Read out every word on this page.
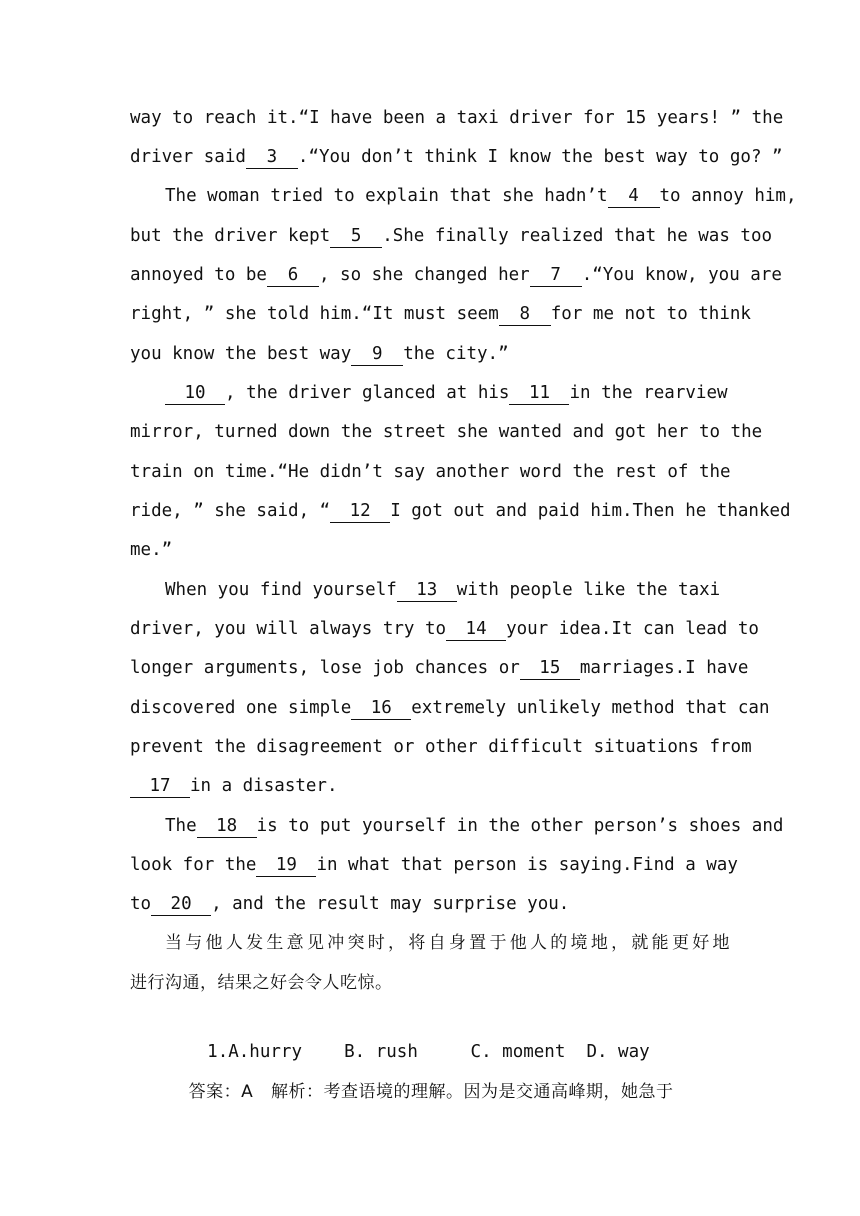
way to reach it.“I have been a taxi driver for 15 years! ” the
driver said 3 .“You don’t think I know the best way to go? ”
The woman tried to explain that she hadn’t 4 to annoy him,
but the driver kept 5 .She finally realized that he was too
annoyed to be 6 , so she changed her 7 .“You know, you are
right, ” she told him.“It must seem 8 for me not to think
you know the best way 9 the city.”
10 , the driver glanced at his 11 in the rearview
mirror, turned down the street she wanted and got her to the
train on time.“He didn’t say another word the rest of the
ride, ” she said, “ 12 I got out and paid him.Then he thanked
me.”
When you find yourself 13 with people like the taxi
driver, you will always try to 14 your idea.It can lead to
longer arguments, lose job chances or 15 marriages.I have
discovered one simple 16 extremely unlikely method that can
prevent the disagreement or other difficult situations from
17 in a disaster.
The 18 is to put yourself in the other person’s shoes and
look for the 19 in what that person is saying.Find a way
to 20 , and the result may surprise you.
当与他人发生意见冲突时，将自身置于他人的境地，就能更好地
进行沟通，结果之好会令人吃惊。

1.A.hurry    B. rush     C. moment  D. way

答案：A   解析：考查语境的理解。因为是交通高峰期，她急于
